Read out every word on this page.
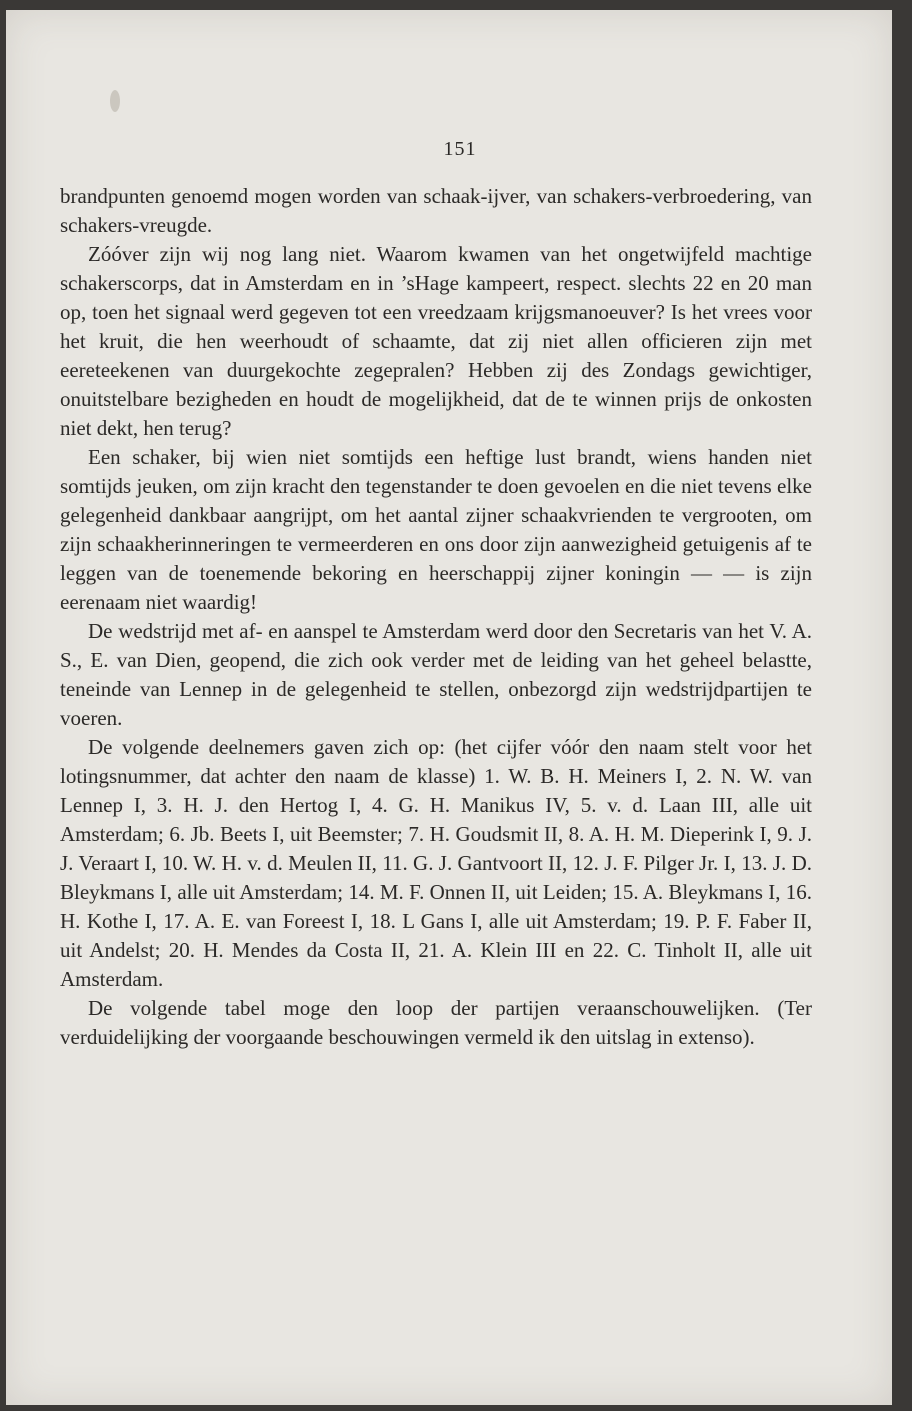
151

brandpunten genoemd mogen worden van schaak-ijver, van schakers-verbroedering, van schakers-vreugde.

Zóóver zijn wij nog lang niet. Waarom kwamen van het ongetwijfeld machtige schakerscorps, dat in Amsterdam en in ’sHage kampeert, respect. slechts 22 en 20 man op, toen het signaal werd gegeven tot een vreedzaam krijgsmanoeuver? Is het vrees voor het kruit, die hen weerhoudt of schaamte, dat zij niet allen officieren zijn met eereteekenen van duurgekochte zegepralen? Hebben zij des Zondags gewichtiger, onuitstelbare bezigheden en houdt de mogelijkheid, dat de te winnen prijs de onkosten niet dekt, hen terug?

Een schaker, bij wien niet somtijds een heftige lust brandt, wiens handen niet somtijds jeuken, om zijn kracht den tegenstander te doen gevoelen en die niet tevens elke gelegenheid dankbaar aangrijpt, om het aantal zijner schaakvrienden te vergrooten, om zijn schaakherinneringen te vermeerderen en ons door zijn aanwezigheid getuigenis af te leggen van de toenemende bekoring en heerschappij zijner koningin — — is zijn eerenaam niet waardig!

De wedstrijd met af- en aanspel te Amsterdam werd door den Secretaris van het V. A. S., E. van Dien, geopend, die zich ook verder met de leiding van het geheel belastte, teneinde van Lennep in de gelegenheid te stellen, onbezorgd zijn wedstrijdpartijen te voeren.

De volgende deelnemers gaven zich op: (het cijfer vóór den naam stelt voor het lotingsnummer, dat achter den naam de klasse) 1. W. B. H. Meiners I, 2. N. W. van Lennep I, 3. H. J. den Hertog I, 4. G. H. Manikus IV, 5. v. d. Laan III, alle uit Amsterdam; 6. Jb. Beets I, uit Beemster; 7. H. Goudsmit II, 8. A. H. M. Dieperink I, 9. J. J. Veraart I, 10. W. H. v. d. Meulen II, 11. G. J. Gantvoort II, 12. J. F. Pilger Jr. I, 13. J. D. Bleykmans I, alle uit Amsterdam; 14. M. F. Onnen II, uit Leiden; 15. A. Bleykmans I, 16. H. Kothe I, 17. A. E. van Foreest I, 18. L Gans I, alle uit Amsterdam; 19. P. F. Faber II, uit Andelst; 20. H. Mendes da Costa II, 21. A. Klein III en 22. C. Tinholt II, alle uit Amsterdam.

De volgende tabel moge den loop der partijen veraanschouwelijken. (Ter verduidelijking der voorgaande beschouwingen vermeld ik den uitslag in extenso).
